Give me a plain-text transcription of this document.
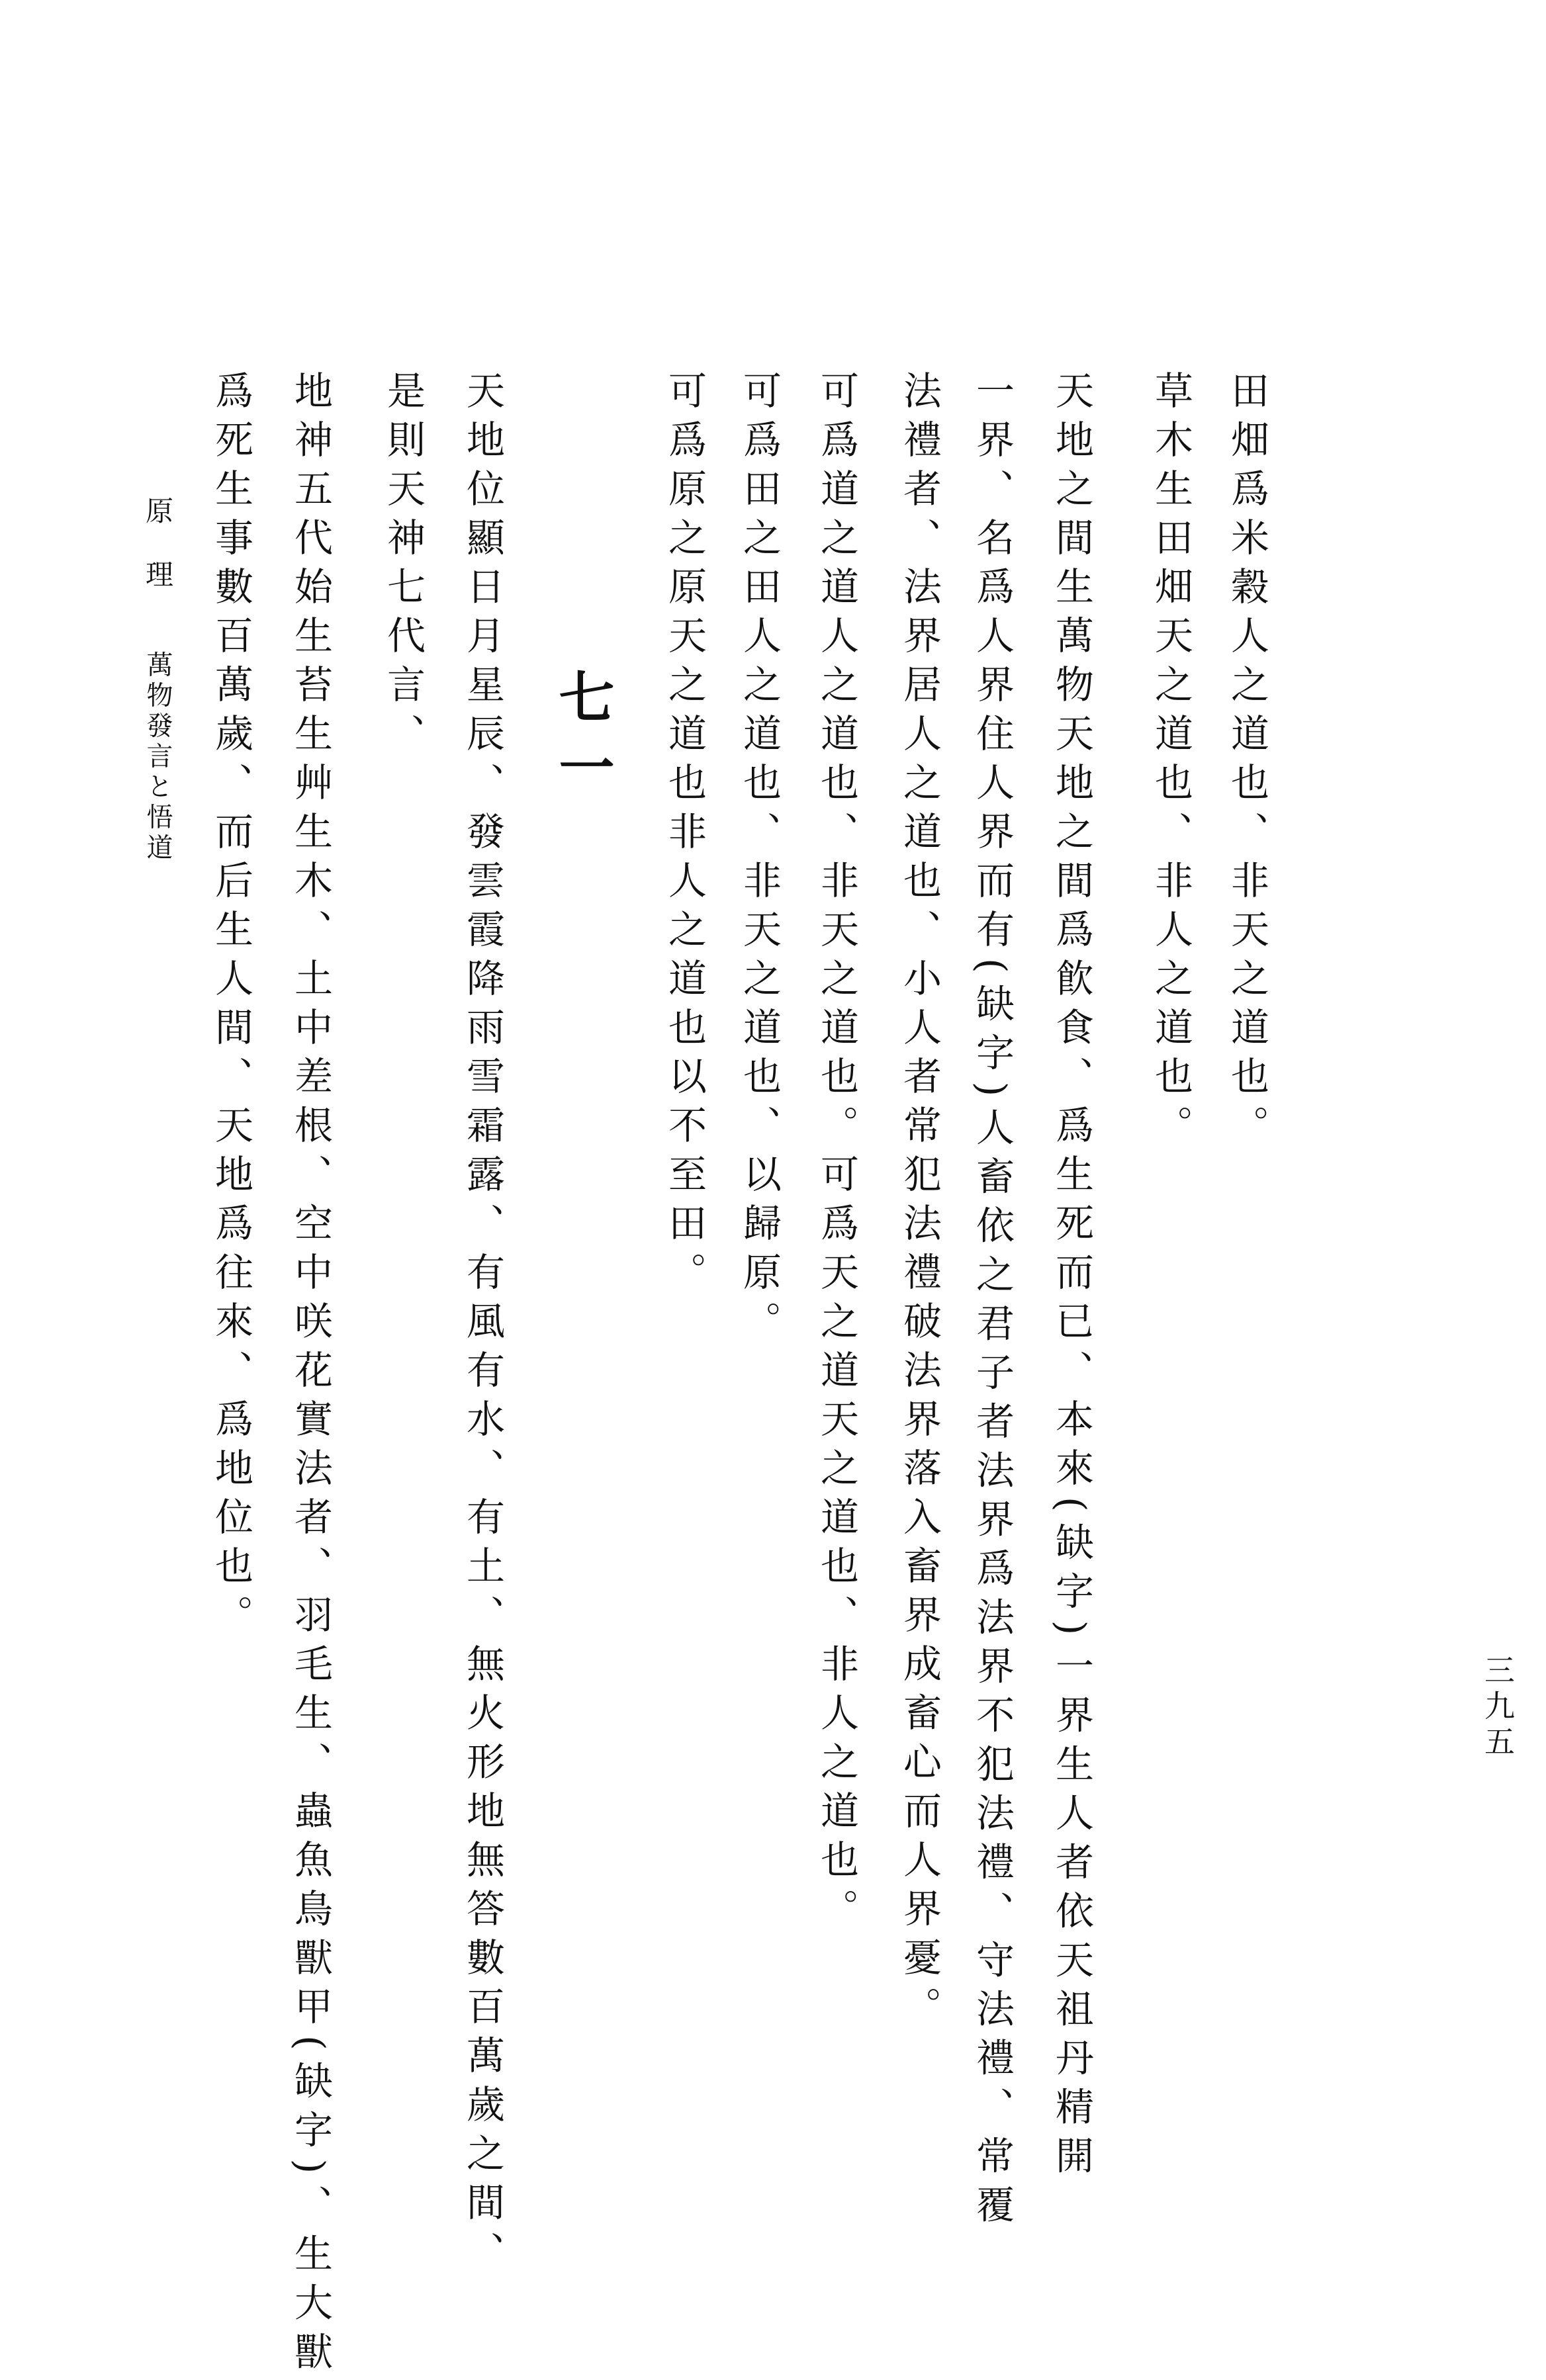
田畑爲米穀人之道也、非天之道也。
草木生田畑天之道也、非人之道也。
天地之間生萬物天地之間爲飮食、爲生死而已、本來(缺字)一界生人者依天祖丹精開
一界、名爲人界住人界而有(缺字)人畜依之君子者法界爲法界不犯法禮、守法禮、常覆
法禮者、法界居人之道也、小人者常犯法禮破法界落入畜界成畜心而人界憂。
可爲道之道人之道也、非天之道也。可爲天之道天之道也、非人之道也。
可爲田之田人之道也、非天之道也、以歸原。
可爲原之原天之道也非人之道也以不至田。
七一
天地位顯日月星辰、發雲霞降雨雪霜露、有風有水、有土、無火形地無答數百萬歲之間、
是則天神七代言、
地神五代始生苔生艸生木、土中差根、空中咲花實法者、羽毛生、蟲魚鳥獸甲(缺字)、生大獸
爲死生事數百萬歲、而后生人間、天地爲往來、爲地位也。
原　理 萬物發言と悟道
三九五
